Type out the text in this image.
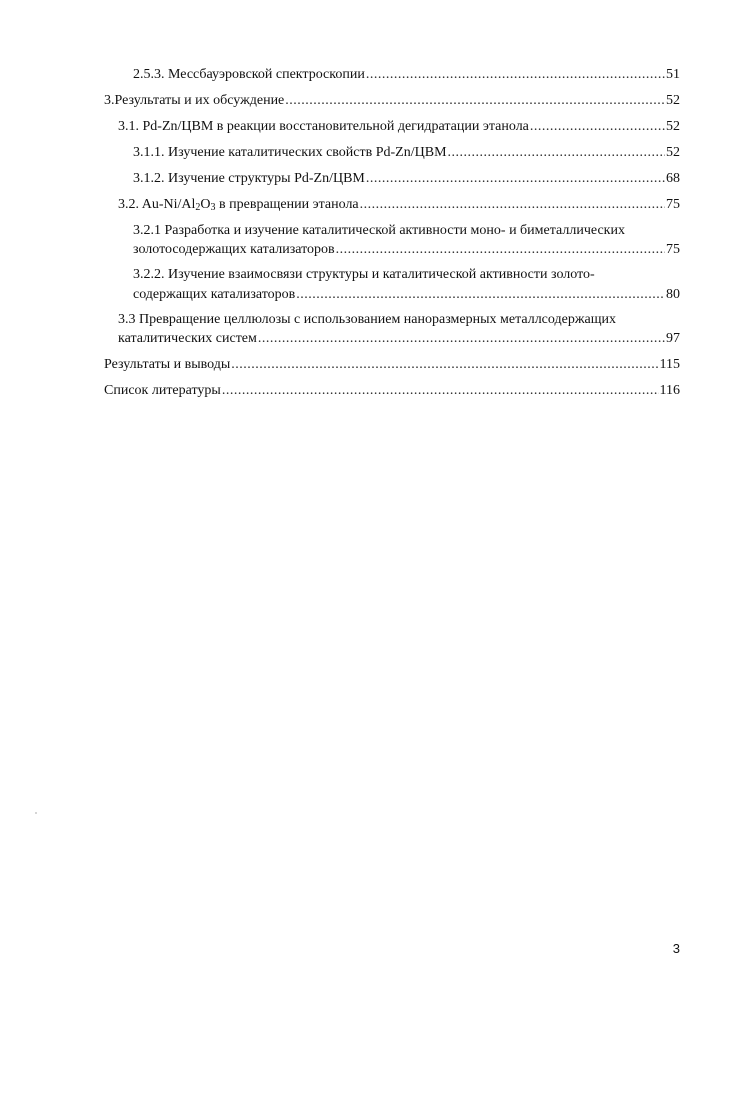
2.5.3. Мессбауэровской спектроскопии .....	51
3.Результаты и их обсуждение .....	52
3.1. Pd-Zn/ЦВМ в реакции восстановительной дегидратации этанола .....	52
3.1.1. Изучение каталитических свойств Pd-Zn/ЦВМ .....	52
3.1.2. Изучение структуры Pd-Zn/ЦВМ .....	68
3.2. $Au-Ni/Al_2O_3$ в превращении этанола .....	75
3.2.1 Разработка и изучение каталитической активности моно- и биметаллических
золотосодержащих катализаторов .....	75
3.2.2. Изучение взаимосвязи структуры и каталитической активности золото-
содержащих катализаторов .....	80
3.3 Превращение целлюлозы с использованием наноразмерных металлсодержащих
каталитических систем .....	97
Результаты и выводы .....	115
Список литературы .....	116
3
